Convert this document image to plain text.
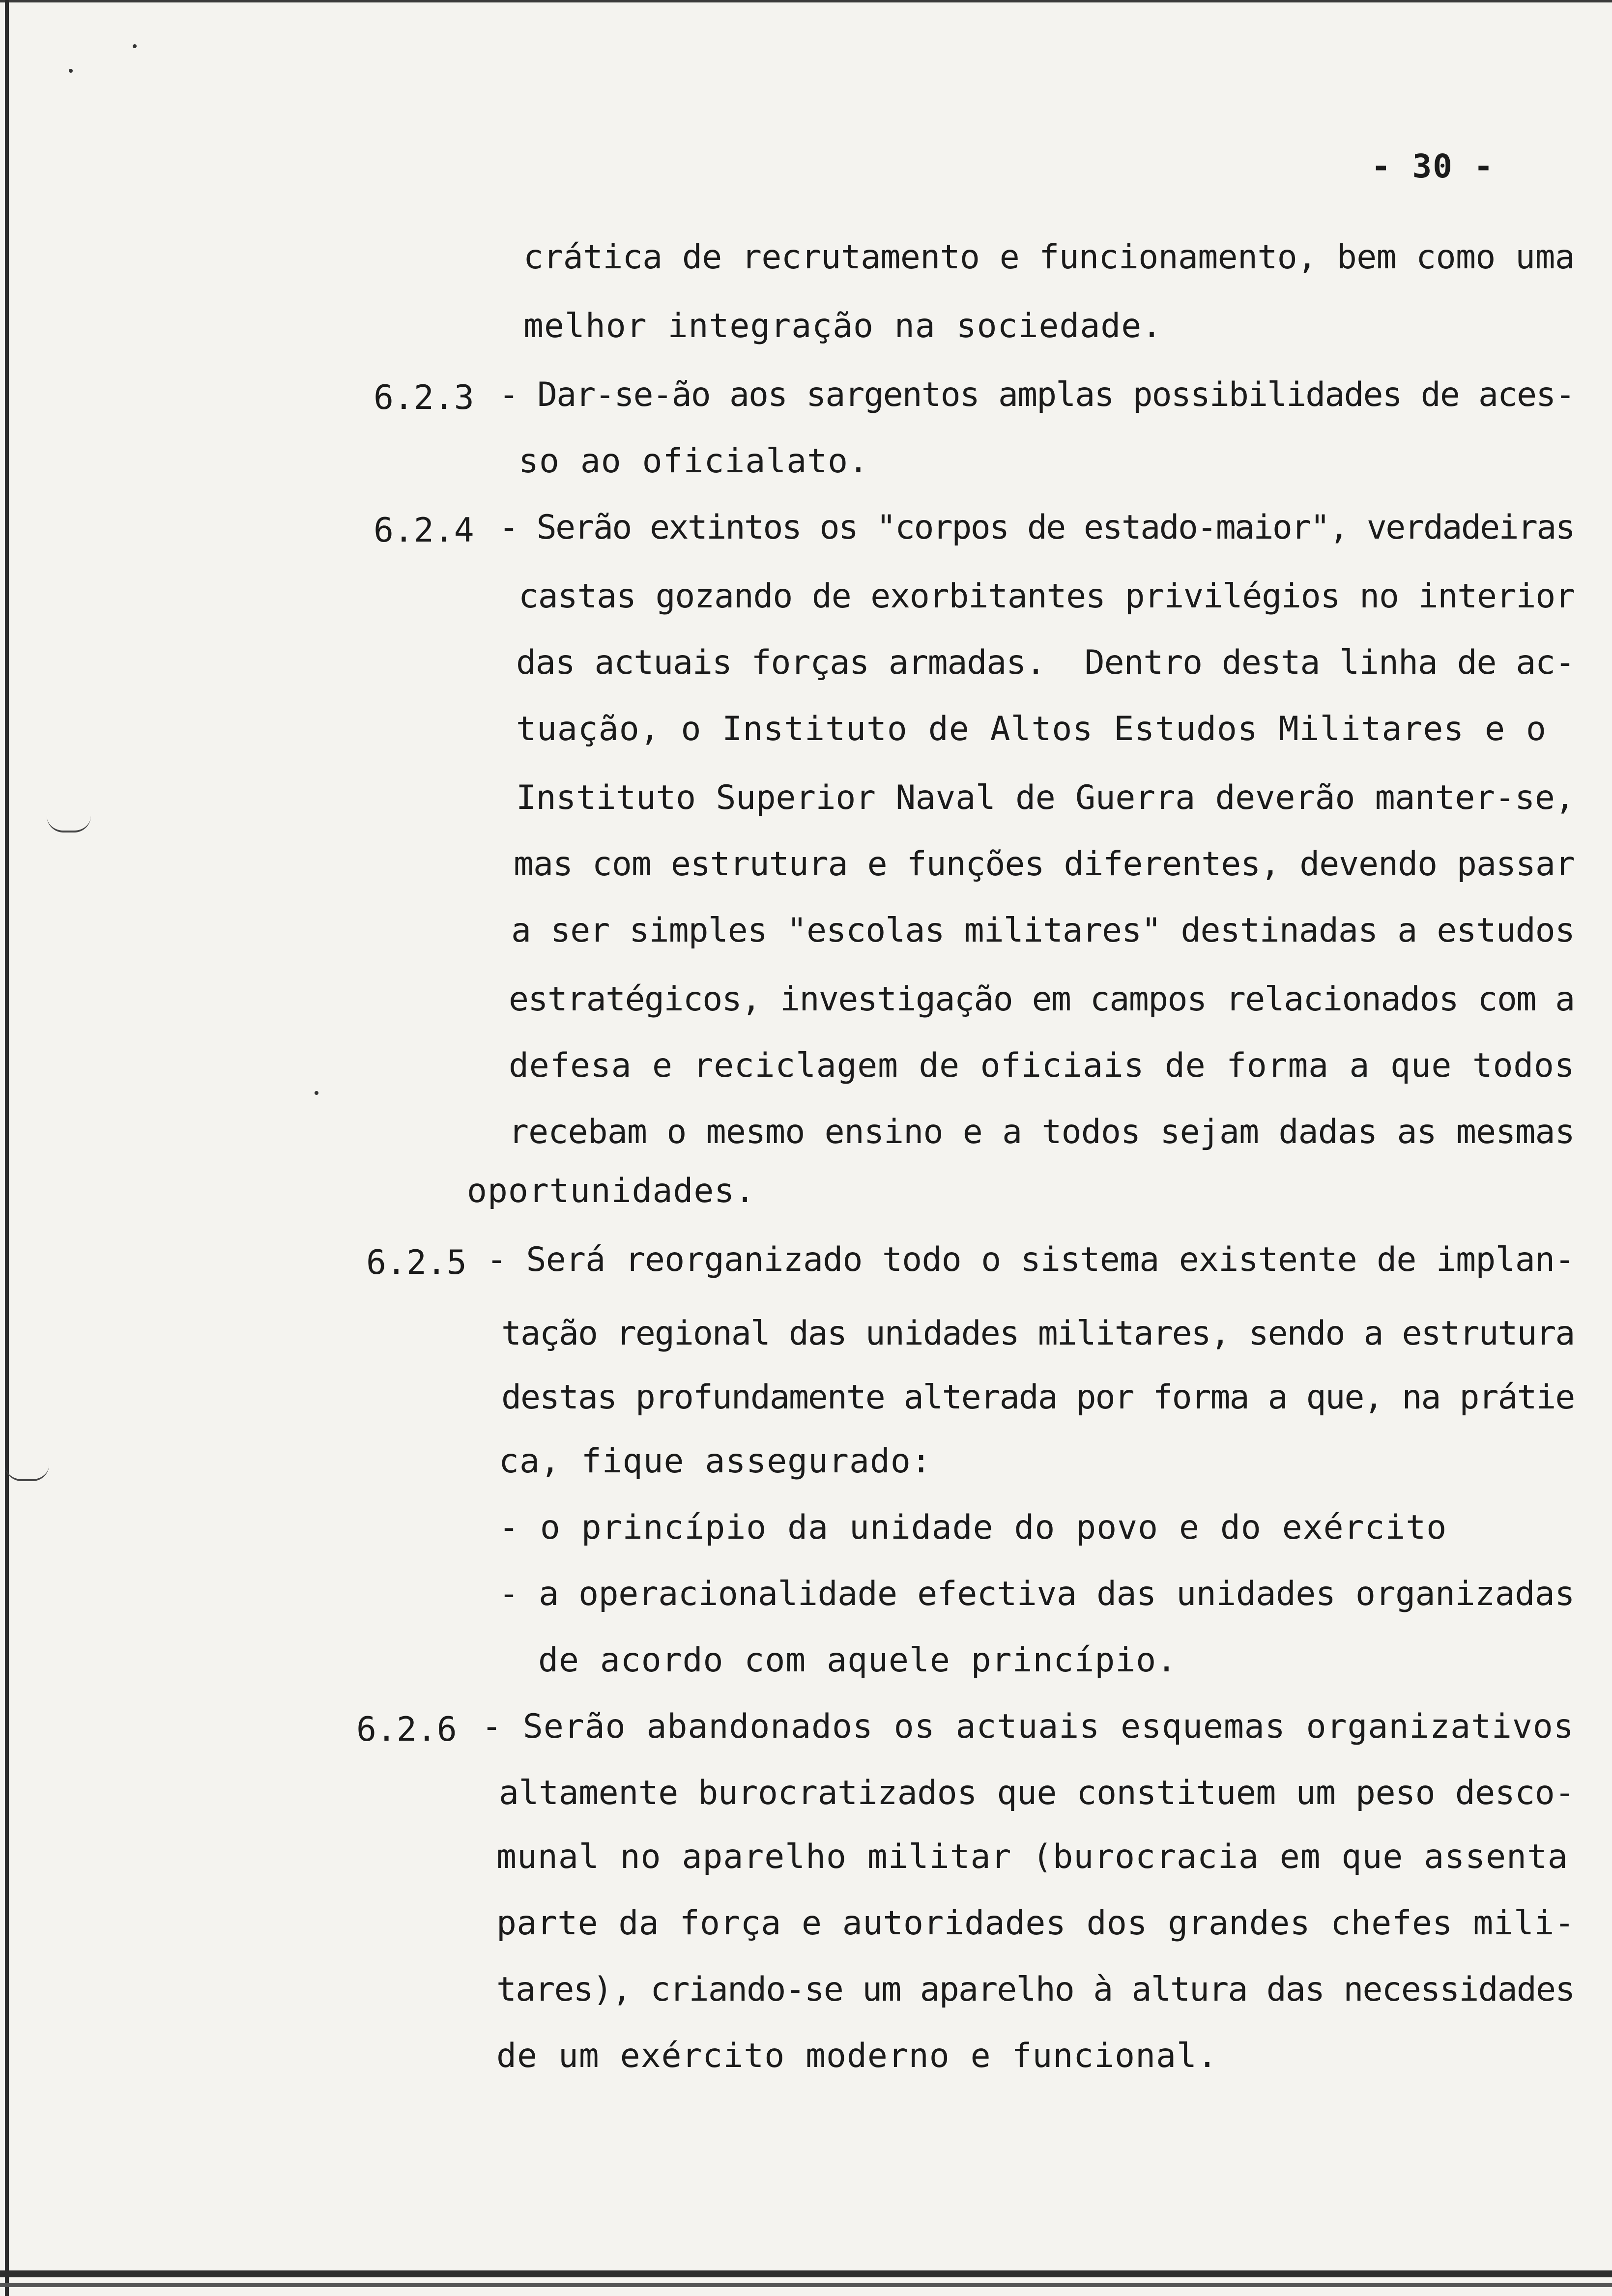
- 30 -
crática de recrutamento e funcionamento, bem como uma
melhor integração na sociedade.
6.2.3 - Dar-se-ão aos sargentos amplas possibilidades de aces-
so ao oficialato.
6.2.4 - Serão extintos os "corpos de estado-maior", verdadeiras
castas gozando de exorbitantes privilégios no interior
das actuais forças armadas.  Dentro desta linha de ac-
tuação, o Instituto de Altos Estudos Militares e o
Instituto Superior Naval de Guerra deverão manter-se,
mas com estrutura e funções diferentes, devendo passar
a ser simples "escolas militares" destinadas a estudos
estratégicos, investigação em campos relacionados com a
defesa e reciclagem de oficiais de forma a que todos
recebam o mesmo ensino e a todos sejam dadas as mesmas
oportunidades.
6.2.5 - Será reorganizado todo o sistema existente de implan-
tação regional das unidades militares, sendo a estrutura
destas profundamente alterada por forma a que, na prátie
ca, fique assegurado:
- o princípio da unidade do povo e do exército
- a operacionalidade efectiva das unidades organizadas
de acordo com aquele princípio.
6.2.6 - Serão abandonados os actuais esquemas organizativos
altamente burocratizados que constituem um peso desco-
munal no aparelho militar (burocracia em que assenta
parte da força e autoridades dos grandes chefes mili-
tares), criando-se um aparelho à altura das necessidades
de um exército moderno e funcional.
